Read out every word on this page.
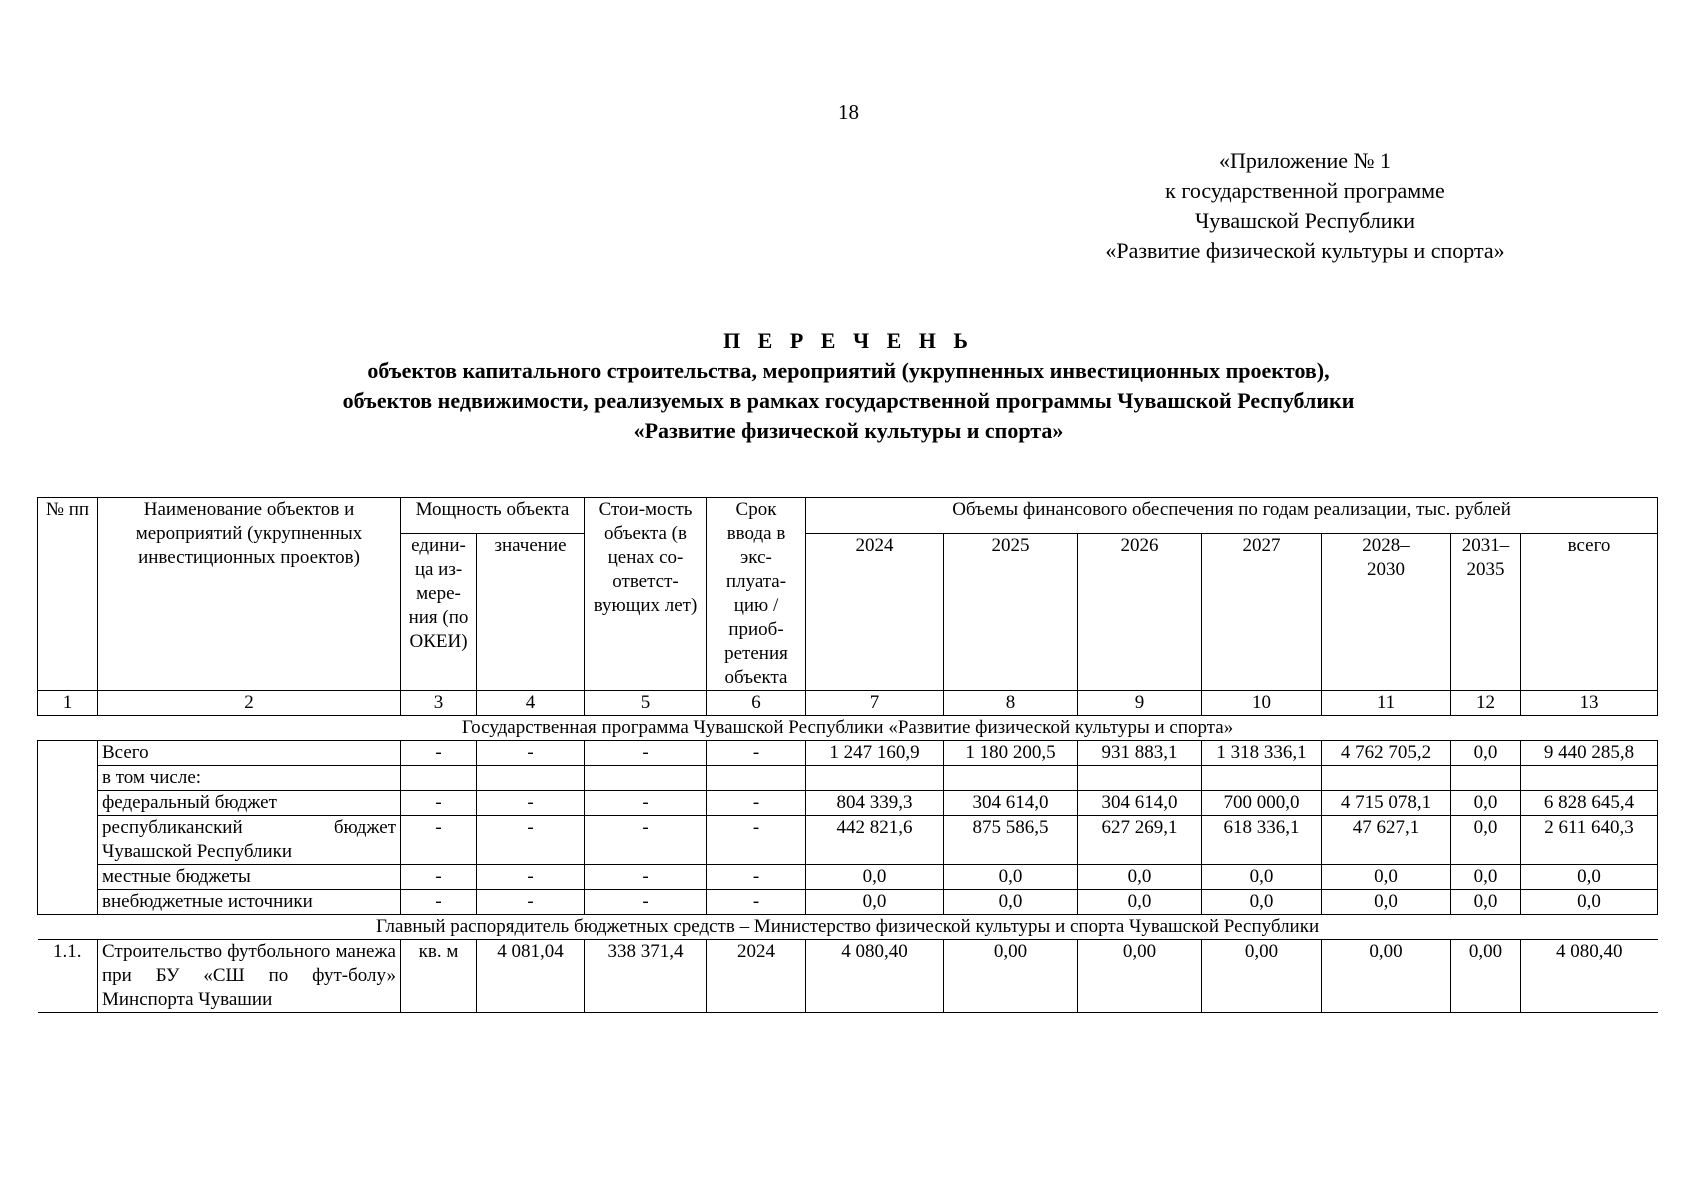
18
«Приложение № 1
к государственной программе
Чувашской Республики
«Развитие физической культуры и спорта»
П Е Р Е Ч Е Н Ь
объектов капитального строительства, мероприятий (укрупненных инвестиционных проектов),
объектов недвижимости, реализуемых в рамках государственной программы Чувашской Республики
«Развитие физической культуры и спорта»
№ пп	Наименование объектов и мероприятий (укрупненных инвестиционных проектов)	Мощность объекта		Стои-мость объекта (в ценах со-ответст-вующих лет)	Срок ввода в экс-плуата-цию / приоб-ретения объекта	Объемы финансового обеспечения по годам реализации, тыс. рублей						
		едини-ца из-мере-ния (по ОКЕИ)	значение			2024	2025	2026	2027	2028–2030	2031–2035	всего
1	2	3	4	5	6	7	8	9	10	11	12	13
Государственная программа Чувашской Республики «Развитие физической культуры и спорта»												
	Всего	-	-	-	-	1 247 160,9	1 180 200,5	931 883,1	1 318 336,1	4 762 705,2	0,0	9 440 285,8
	в том числе:											
	федеральный бюджет	-	-	-	-	804 339,3	304 614,0	304 614,0	700 000,0	4 715 078,1	0,0	6 828 645,4
	республиканский бюджет Чувашской Республики	-	-	-	-	442 821,6	875 586,5	627 269,1	618 336,1	47 627,1	0,0	2 611 640,3
	местные бюджеты	-	-	-	-	0,0	0,0	0,0	0,0	0,0	0,0	0,0
	внебюджетные источники	-	-	-	-	0,0	0,0	0,0	0,0	0,0	0,0	0,0
Главный распорядитель бюджетных средств – Министерство физической культуры и спорта Чувашской Республики												
1.1.	Строительство футбольного манежа при БУ «СШ по фут-болу» Минспорта Чувашии	кв. м	4 081,04	338 371,4	2024	4 080,40	0,00	0,00	0,00	0,00	0,00	4 080,40
